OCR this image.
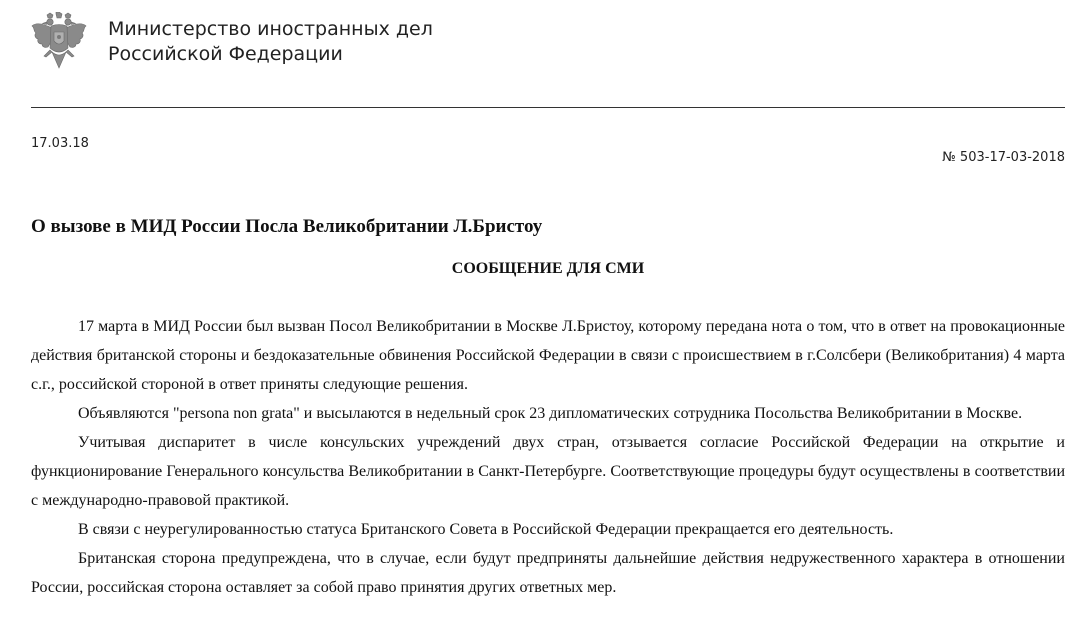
Министерство иностранных дел
Российской Федерации
17.03.18
№ 503-17-03-2018
О вызове в МИД России Посла Великобритании Л.Бристоу
СООБЩЕНИЕ ДЛЯ СМИ

17 марта в МИД России был вызван Посол Великобритании в Москве Л.Бристоу, которому передана нота о том, что в ответ на провокационные действия британской стороны и бездоказательные обвинения Российской Федерации в связи с происшествием в г.Солсбери (Великобритания) 4 марта с.г., российской стороной в ответ приняты следующие решения.

Объявляются "persona non grata" и высылаются в недельный срок 23 дипломатических сотрудника Посольства Великобритании в Москве.

Учитывая диспаритет в числе консульских учреждений двух стран, отзывается согласие Российской Федерации на открытие и функционирование Генерального консульства Великобритании в Санкт-Петербурге. Соответствующие процедуры будут осуществлены в соответствии с международно-правовой практикой.

В связи с неурегулированностью статуса Британского Совета в Российской Федерации прекращается его деятельность.

Британская сторона предупреждена, что в случае, если будут предприняты дальнейшие действия недружественного характера в отношении России, российская сторона оставляет за собой право принятия других ответных мер.
